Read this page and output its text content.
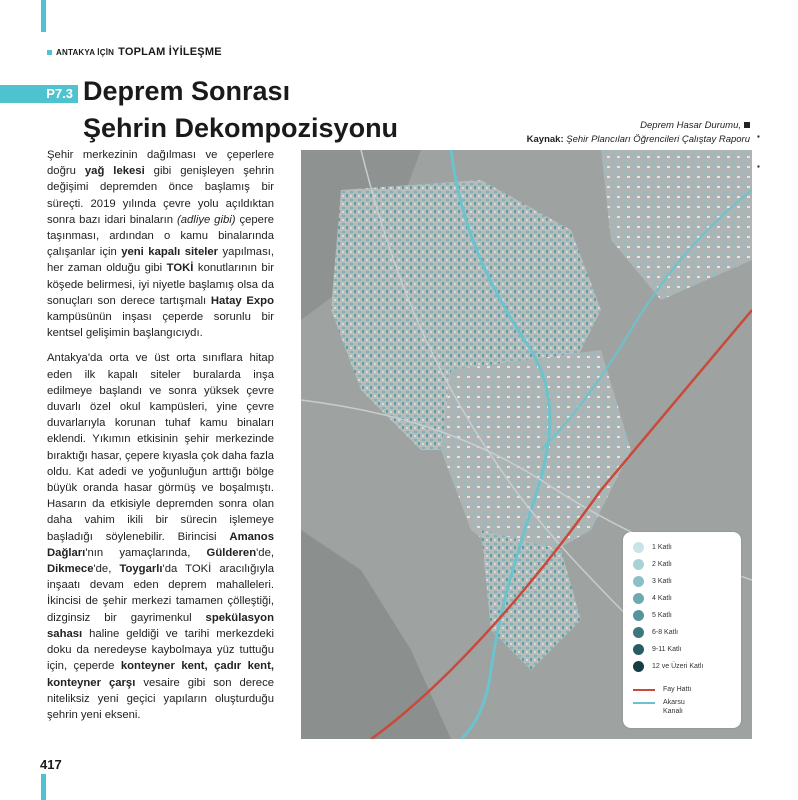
ANTAKYA İÇİN TOPLAM İYİLEŞME
P7.3 Deprem Sonrası
Şehrin Dekompozisyonu	Deprem Hasar Durumu,
Kaynak: Şehir Plancıları Öğrencileri Çalıştay Raporu

Şehir merkezinin dağılması ve çeperlere doğru yağ lekesi gibi genişleyen şehrin değişimi depremden önce başlamış bir süreçti. 2019 yılında çevre yolu açıldıktan sonra bazı idari binaların (adliye gibi) çepere taşınması, ardından o kamu binalarında çalışanlar için yeni kapalı siteler yapılması, her zaman olduğu gibi TOKİ konutlarının bir köşede belirmesi, iyi niyetle başlamış olsa da sonuçları son derece tartışmalı Hatay Expo kampüsünün inşası çeperde sorunlu bir kentsel gelişimin başlangıcıydı.

Antakya'da orta ve üst orta sınıflara hitap eden ilk kapalı siteler buralarda inşa edilmeye başlandı ve sonra yüksek çevre duvarlı özel okul kampüsleri, yine çevre duvarlarıyla korunan tuhaf kamu binaları eklendi. Yıkımın etkisinin şehir merkezinde bıraktığı hasar, çepere kıyasla çok daha fazla oldu. Kat adedi ve yoğunluğun arttığı bölge büyük oranda hasar görmüş ve boşalmıştı. Hasarın da etkisiyle depremden sonra olan daha vahim ikili bir sürecin işlemeye başladığı söylenebilir. Birincisi Amanos Dağları'nın yamaçlarında, Gülderen'de, Dikmece'de, Toygarlı'da TOKİ aracılığıyla inşaatı devam eden deprem mahalleleri. İkincisi de şehir merkezi tamamen çölleştiği, dizginsiz bir gayrimenkul spekülasyon sahası haline geldiği ve tarihi merkezdeki doku da neredeyse kaybolmaya yüz tuttuğu için, çeperde konteyner kent, çadır kent, konteyner çarşı vesaire gibi son derece niteliksiz yeni geçici yapıların oluşturduğu şehrin yeni ekseni.

▪
▪
1 Katlı
2 Katlı
3 Katlı
4 Katlı
5 Katlı
6-8 Katlı
9-11 Katlı
12 ve Üzeri Katlı
Fay Hattı
Akarsu
Kanalı
417
